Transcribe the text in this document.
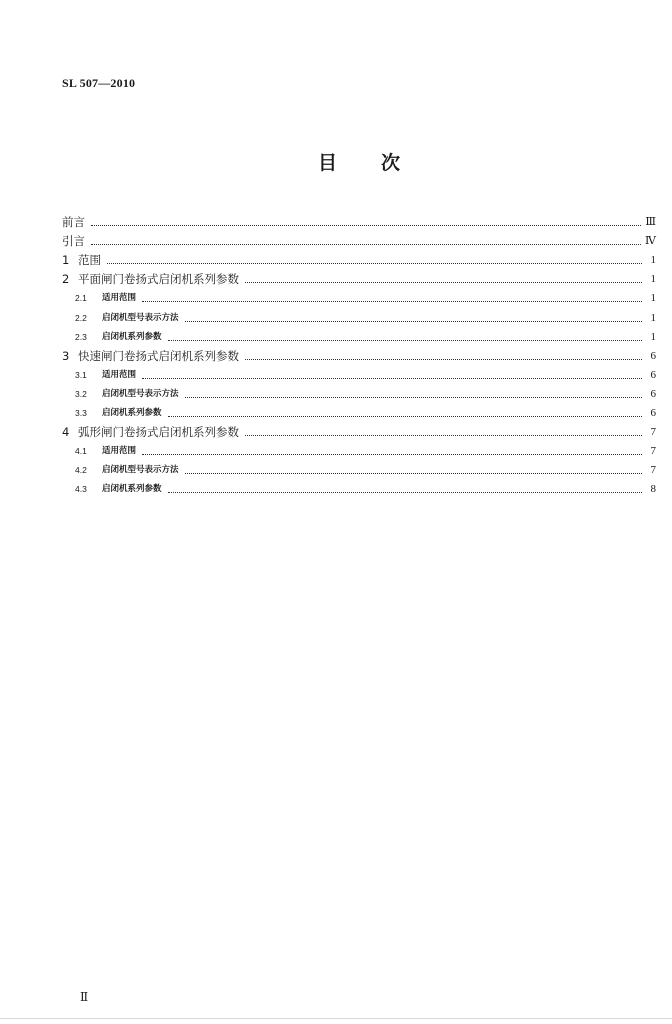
SL 507—2010
目 次
前言	Ⅲ
引言	Ⅳ
1 范围	1
2 平面闸门卷扬式启闭机系列参数	1
2.1	适用范围	1
2.2	启闭机型号表示方法	1
2.3	启闭机系列参数	1
3 快速闸门卷扬式启闭机系列参数	6
3.1	适用范围	6
3.2	启闭机型号表示方法	6
3.3	启闭机系列参数	6
4 弧形闸门卷扬式启闭机系列参数	7
4.1	适用范围	7
4.2	启闭机型号表示方法	7
4.3	启闭机系列参数	8
Ⅱ
